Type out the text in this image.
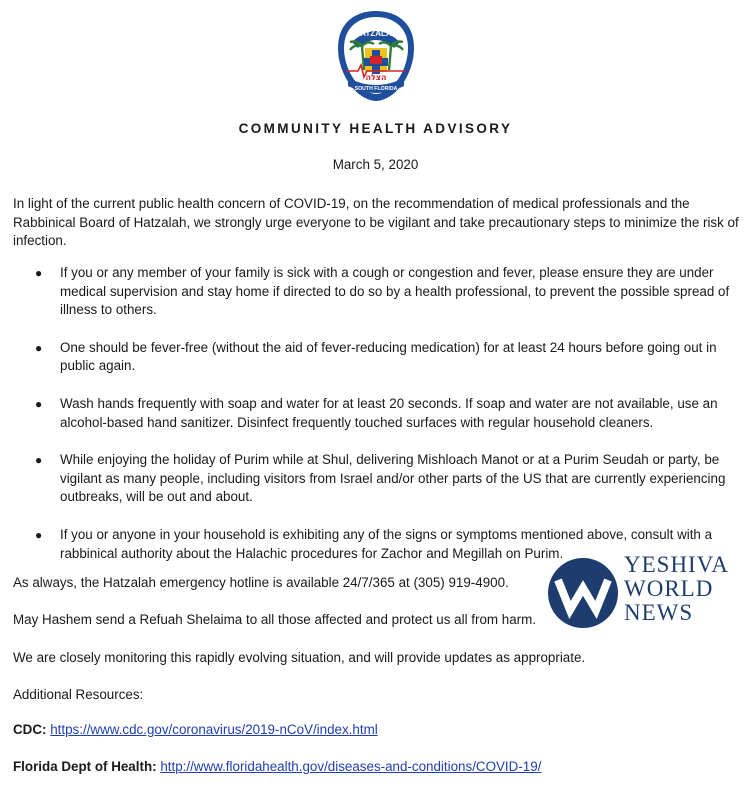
HATZALAH
SOUTH FLORIDA
הצלה
COMMUNITY HEALTH ADVISORY
March 5, 2020
In light of the current public health concern of COVID-19, on the recommendation of medical professionals and the Rabbinical Board of Hatzalah, we strongly urge everyone to be vigilant and take precautionary steps to minimize the risk of infection.
● If you or any member of your family is sick with a cough or congestion and fever, please ensure they are under medical supervision and stay home if directed to do so by a health professional, to prevent the possible spread of illness to others.
● One should be fever-free (without the aid of fever-reducing medication) for at least 24 hours before going out in public again.
● Wash hands frequently with soap and water for at least 20 seconds. If soap and water are not available, use an alcohol-based hand sanitizer. Disinfect frequently touched surfaces with regular household cleaners.
● While enjoying the holiday of Purim while at Shul, delivering Mishloach Manot or at a Purim Seudah or party, be vigilant as many people, including visitors from Israel and/or other parts of the US that are currently experiencing outbreaks, will be out and about.
● If you or anyone in your household is exhibiting any of the signs or symptoms mentioned above, consult with a rabbinical authority about the Halachic procedures for Zachor and Megillah on Purim.
As always, the Hatzalah emergency hotline is available 24/7/365 at (305) 919-4900.
May Hashem send a Refuah Shelaima to all those affected and protect us all from harm.
We are closely monitoring this rapidly evolving situation, and will provide updates as appropriate.
Additional Resources:
CDC: https://www.cdc.gov/coronavirus/2019-nCoV/index.html
Florida Dept of Health: http://www.floridahealth.gov/diseases-and-conditions/COVID-19/
YESHIVA
WORLD
NEWS
